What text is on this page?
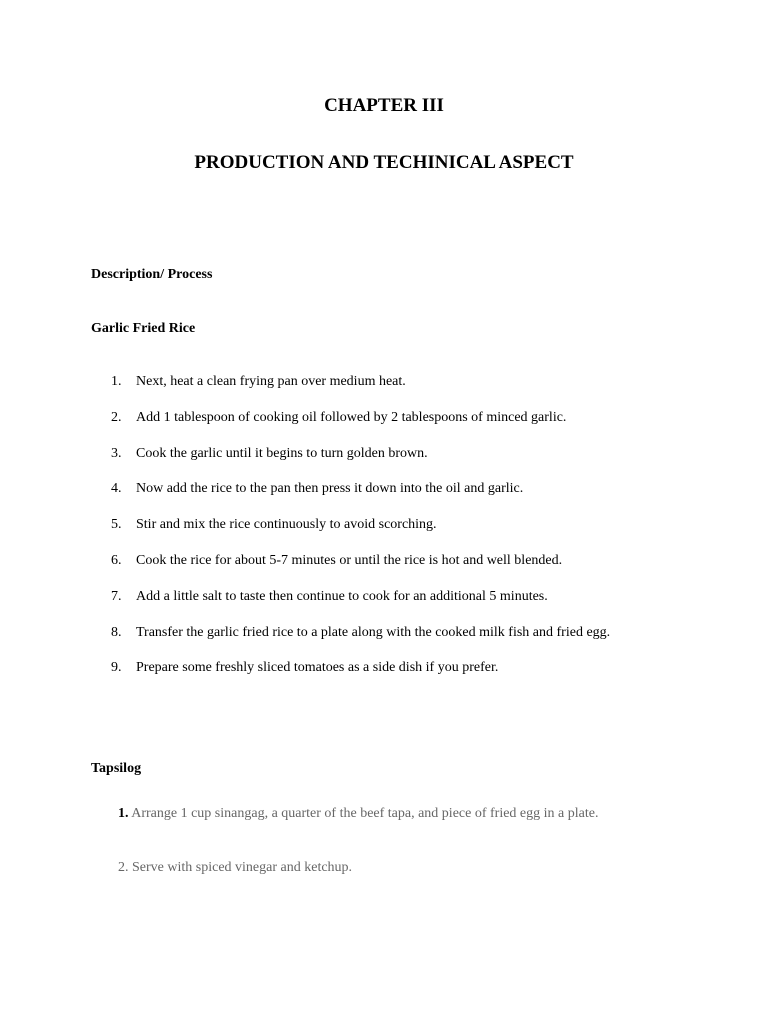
CHAPTER III
PRODUCTION AND TECHINICAL ASPECT
Description/ Process
Garlic Fried Rice
1.	Next, heat a clean frying pan over medium heat.
2.	Add 1 tablespoon of cooking oil followed by 2 tablespoons of minced garlic.
3.	Cook the garlic until it begins to turn golden brown.
4.	Now add the rice to the pan then press it down into the oil and garlic.
5.	Stir and mix the rice continuously to avoid scorching.
6.	Cook the rice for about 5-7 minutes or until the rice is hot and well blended.
7.	Add a little salt to taste then continue to cook for an additional 5 minutes.
8.	Transfer the garlic fried rice to a plate along with the cooked milk fish and fried egg.
9.	Prepare some freshly sliced tomatoes as a side dish if you prefer.
Tapsilog
1. Arrange 1 cup sinangag, a quarter of the beef tapa, and piece of fried egg in a plate.
2. Serve with spiced vinegar and ketchup.
